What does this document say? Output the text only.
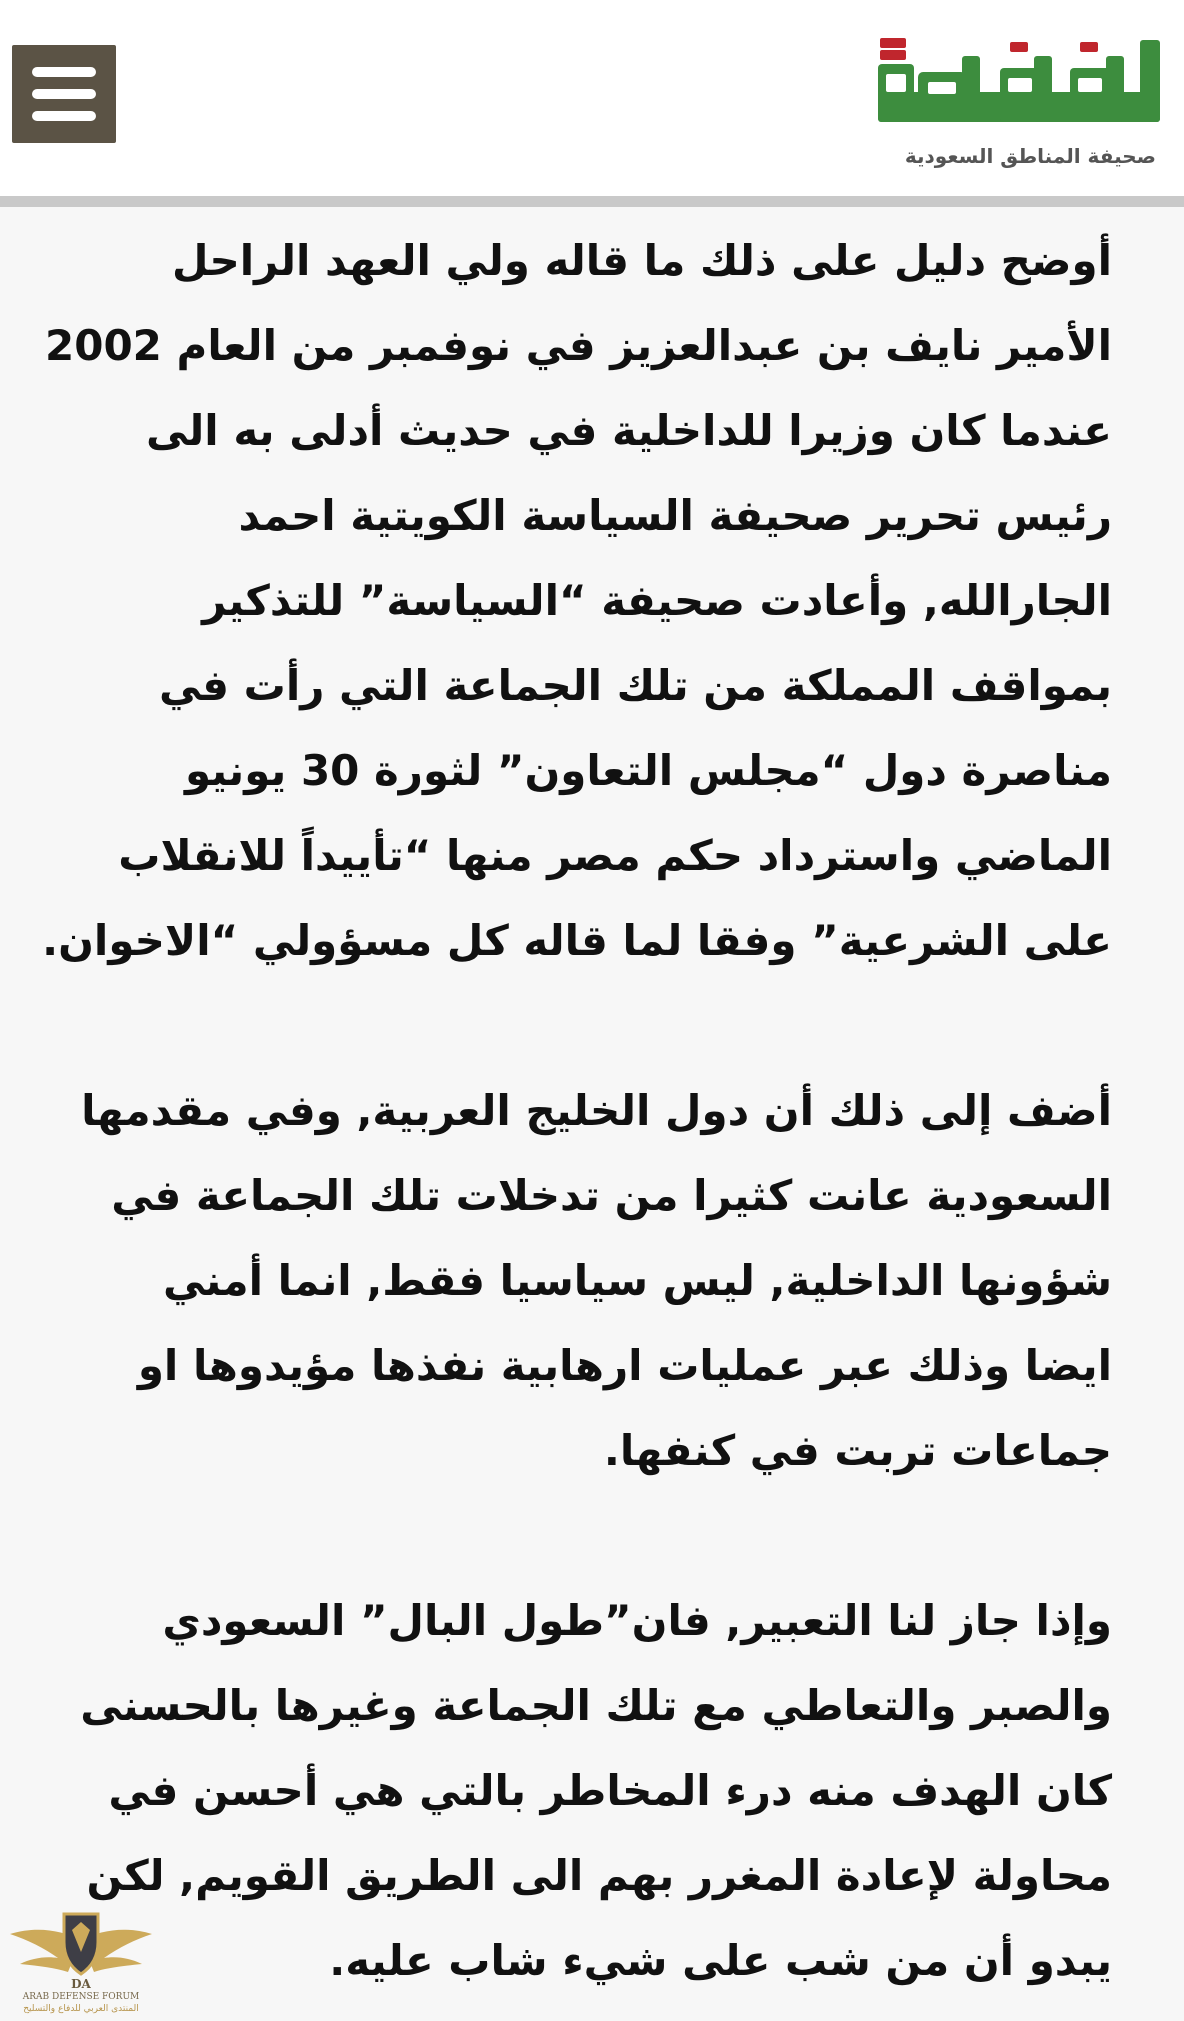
صحيفة المناطق السعودية

أوضح دليل على ذلك ما قاله ولي العهد الراحل
الأمير نايف بن عبدالعزيز في نوفمبر من العام 2002
عندما كان وزيرا للداخلية في حديث أدلى به الى
رئيس تحرير صحيفة السياسة الكويتية احمد
الجارالله, وأعادت صحيفة “السياسة” للتذكير
بمواقف المملكة من تلك الجماعة التي رأت في
مناصرة دول “مجلس التعاون” لثورة 30 يونيو
الماضي واسترداد حكم مصر منها “تأييداً للانقلاب
على الشرعية” وفقا لما قاله كل مسؤولي “الاخوان.

أضف إلى ذلك أن دول الخليج العربية, وفي مقدمها
السعودية عانت كثيرا من تدخلات تلك الجماعة في
شؤونها الداخلية, ليس سياسيا فقط, انما أمني
ايضا وذلك عبر عمليات ارهابية نفذها مؤيدوها او
جماعات تربت في كنفها.

وإذا جاز لنا التعبير, فان”طول البال” السعودي
والصبر والتعاطي مع تلك الجماعة وغيرها بالحسنى
كان الهدف منه درء المخاطر بالتي هي أحسن في
محاولة لإعادة المغرر بهم الى الطريق القويم, لكن
يبدو أن من شب على شيء شاب عليه.

DA
ARAB DEFENSE FORUM
المنتدى العربي للدفاع والتسليح
